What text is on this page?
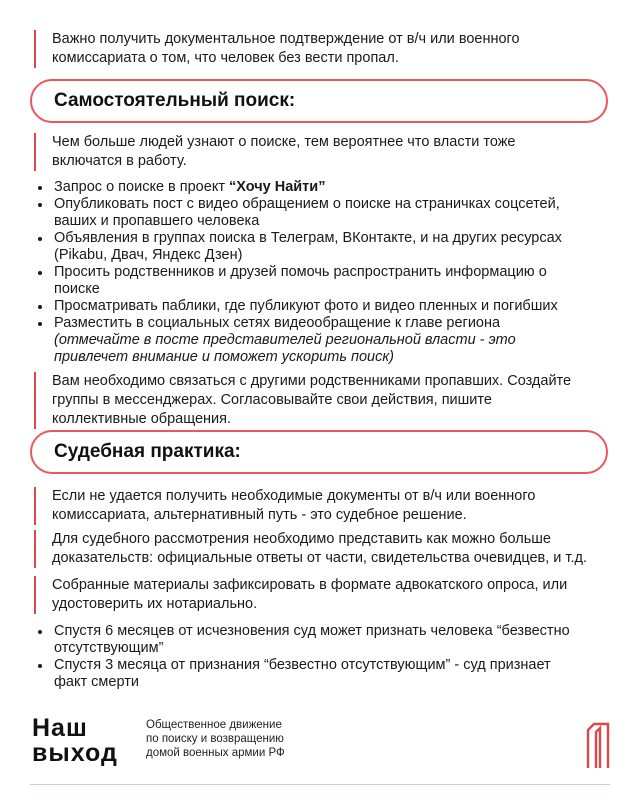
Важно получить документальное подтверждение от в/ч или военного
комиссариата о том, что человек без вести пропал.
Самостоятельный поиск:
Чем больше людей узнают о поиске, тем вероятнее что власти тоже
включатся в работу.
Запрос о поиске в проект “Хочу Найти”
Опубликовать пост с видео обращением о поиске на страничках соцсетей,
ваших и пропавшего человека
Объявления в группах поиска в Телеграм, ВКонтакте, и на других ресурсах
(Pikabu, Двач, Яндекс Дзен)
Просить родственников и друзей помочь распространить информацию о
поиске
Просматривать паблики, где публикуют фото и видео пленных и погибших
Разместить в социальных сетях видеообращение к главе региона
(отмечайте в посте представителей региональной власти - это
привлечет внимание и поможет ускорить поиск)
Вам необходимо связаться с другими родственниками пропавших. Создайте
группы в мессенджерах. Согласовывайте свои действия, пишите
коллективные обращения.
Судебная практика:
Если не удается получить необходимые документы от в/ч или военного
комиссариата, альтернативный путь - это судебное решение.
Для судебного рассмотрения необходимо представить как можно больше
доказательств: официальные ответы от части, свидетельства очевидцев, и т.д.
Собранные материалы зафиксировать в формате адвокатского опроса, или
удостоверить их нотариально.
Спустя 6 месяцев от исчезновения суд может признать человека “безвестно
отсутствующим”
Спустя 3 месяца от признания “безвестно отсутствующим” - суд признает
факт смерти
Наш
выход
Общественное движение
по поиску и возвращению
домой военных армии РФ
